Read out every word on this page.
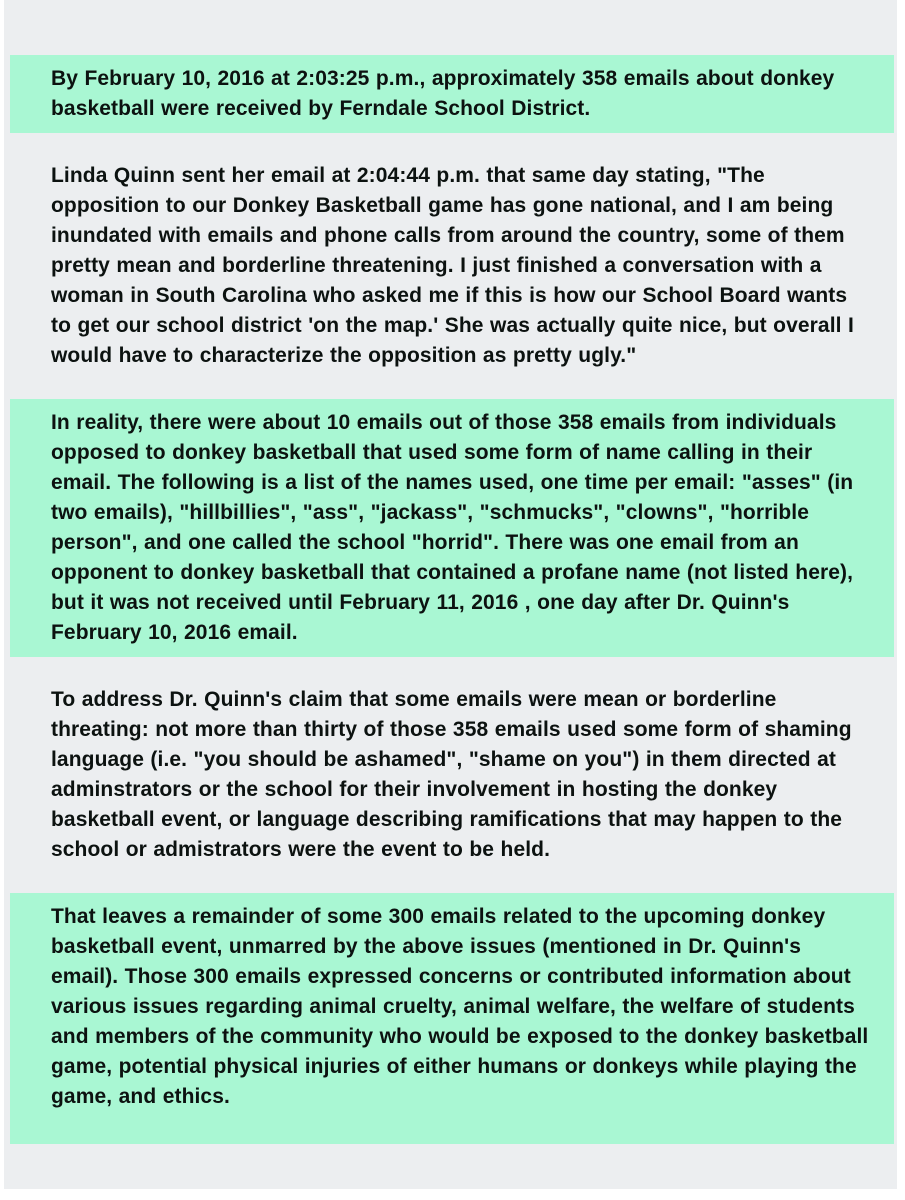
By February 10, 2016 at 2:03:25 p.m., approximately 358 emails about donkey basketball were received by Ferndale School District.
Linda Quinn sent her email at 2:04:44 p.m. that same day stating, "The opposition to our Donkey Basketball game has gone national, and I am being inundated with emails and phone calls from around the country, some of them pretty mean and borderline threatening. I just finished a conversation with a woman in South Carolina who asked me if this is how our School Board wants to get our school district 'on the map.' She was actually quite nice, but overall I would have to characterize the opposition as pretty ugly."
In reality, there were about 10 emails out of those 358 emails from individuals opposed to donkey basketball that used some form of name calling in their email. The following is a list of the names used, one time per email: "asses" (in two emails), "hillbillies", "ass", "jackass", "schmucks", "clowns", "horrible person", and one called the school "horrid". There was one email from an opponent to donkey basketball that contained a profane name (not listed here), but it was not received until February 11, 2016 , one day after Dr. Quinn's February 10, 2016 email.
To address Dr. Quinn's claim that some emails were mean or borderline threating: not more than thirty of those 358 emails used some form of shaming language (i.e. "you should be ashamed", "shame on you") in them directed at adminstrators or the school for their involvement in hosting the donkey basketball event, or language describing ramifications that may happen to the school or admistrators were the event to be held.
That leaves a remainder of some 300 emails related to the upcoming donkey basketball event, unmarred by the above issues (mentioned in Dr. Quinn's email). Those 300 emails expressed concerns or contributed information about various issues regarding animal cruelty, animal welfare, the welfare of students and members of the community who would be exposed to the donkey basketball game, potential physical injuries of either humans or donkeys while playing the game, and ethics.
